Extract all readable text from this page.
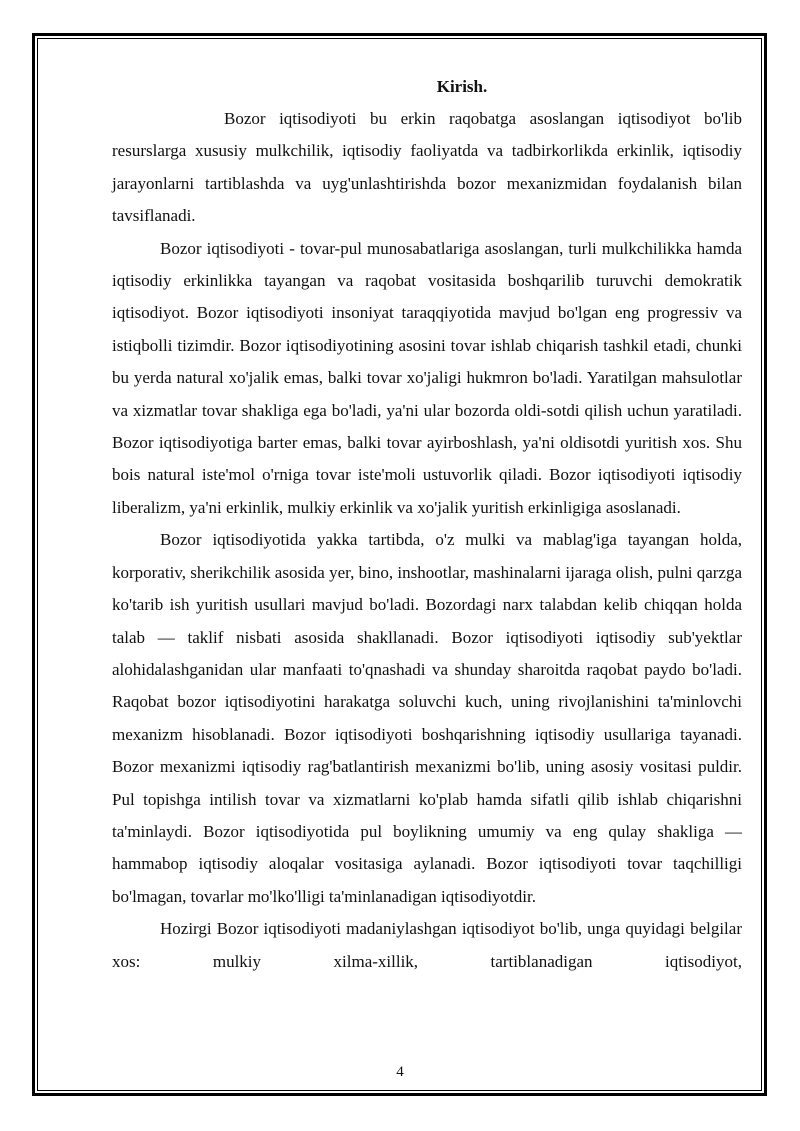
Kirish.

Bozor iqtisodiyoti bu erkin raqobatga asoslangan iqtisodiyot bo'lib resurslarga xususiy mulkchilik, iqtisodiy faoliyatda va tadbirkorlikda erkinlik, iqtisodiy jarayonlarni tartiblashda va uyg'unlashtirishda bozor mexanizmidan foydalanish bilan tavsiflanadi.

Bozor iqtisodiyoti - tovar-pul munosabatlariga asoslangan, turli mulkchilikka hamda iqtisodiy erkinlikka tayangan va raqobat vositasida boshqarilib turuvchi demokratik iqtisodiyot. Bozor iqtisodiyoti insoniyat taraqqiyotida mavjud bo'lgan eng progressiv va istiqbolli tizimdir. Bozor iqtisodiyotining asosini tovar ishlab chiqarish tashkil etadi, chunki bu yerda natural xo'jalik emas, balki tovar xo'jaligi hukmron bo'ladi. Yaratilgan mahsulotlar va xizmatlar tovar shakliga ega bo'ladi, ya'ni ular bozorda oldi-sotdi qilish uchun yaratiladi. Bozor iqtisodiyotiga barter emas, balki tovar ayirboshlash, ya'ni oldisotdi yuritish xos. Shu bois natural iste'mol o'rniga tovar iste'moli ustuvorlik qiladi. Bozor iqtisodiyoti iqtisodiy liberalizm, ya'ni erkinlik, mulkiy erkinlik va xo'jalik yuritish erkinligiga asoslanadi.

Bozor iqtisodiyotida yakka tartibda, o'z mulki va mablag'iga tayangan holda, korporativ, sherikchilik asosida yer, bino, inshootlar, mashinalarni ijaraga olish, pulni qarzga ko'tarib ish yuritish usullari mavjud bo'ladi. Bozordagi narx talabdan kelib chiqqan holda talab — taklif nisbati asosida shakllanadi. Bozor iqtisodiyoti iqtisodiy sub'yektlar alohidalashganidan ular manfaati to'qnashadi va shunday sharoitda raqobat paydo bo'ladi. Raqobat bozor iqtisodiyotini harakatga soluvchi kuch, uning rivojlanishini ta'minlovchi mexanizm hisoblanadi. Bozor iqtisodiyoti boshqarishning iqtisodiy usullariga tayanadi. Bozor mexanizmi iqtisodiy rag'batlantirish mexanizmi bo'lib, uning asosiy vositasi puldir. Pul topishga intilish tovar va xizmatlarni ko'plab hamda sifatli qilib ishlab chiqarishni ta'minlaydi. Bozor iqtisodiyotida pul boylikning umumiy va eng qulay shakliga — hammabop iqtisodiy aloqalar vositasiga aylanadi. Bozor iqtisodiyoti tovar taqchilligi bo'lmagan, tovarlar mo'lko'lligi ta'minlanadigan iqtisodiyotdir.

Hozirgi Bozor iqtisodiyoti madaniylashgan iqtisodiyot bo'lib, unga quyidagi belgilar xos: mulkiy xilma-xillik, tartiblanadigan iqtisodiyot,

4
